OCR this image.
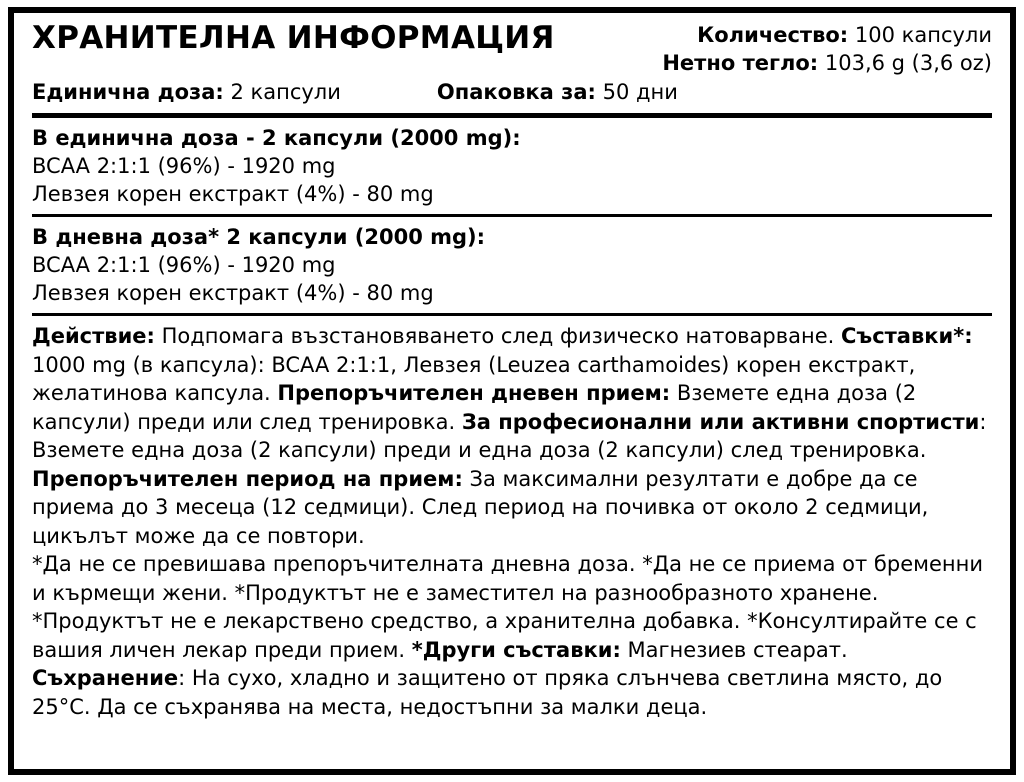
ХРАНИТЕЛНА ИНФОРМАЦИЯ	Количество: 100 капсули
Нетно тегло: 103,6 g (3,6 oz)
Единична доза: 2 капсули	Опаковка за: 50 дни
В единична доза - 2 капсули (2000 mg):
BCAA 2:1:1 (96%) - 1920 mg
Левзея корен екстракт (4%) - 80 mg
В дневна доза* 2 капсули (2000 mg):
BCAA 2:1:1 (96%) - 1920 mg
Левзея корен екстракт (4%) - 80 mg

Действие: Подпомага възстановяването след физическо натоварване. Съставки*: 1000 mg (в капсула): BCAA 2:1:1, Левзея (Leuzea carthamoides) корен екстракт, желатинова капсула. Препоръчителен дневен прием: Вземете една доза (2 капсули) преди или след тренировка. За професионални или активни спортисти: Вземете една доза (2 капсули) преди и една доза (2 капсули) след тренировка. Препоръчителен период на прием: За максимални резултати е добре да се приема до 3 месеца (12 седмици). След период на почивка от около 2 седмици, цикълът може да се повтори.

*Да не се превишава препоръчителната дневна доза. *Да не се приема от бременни и кърмещи жени. *Продуктът не е заместител на разнообразното хранене. *Продуктът не е лекарствено средство, а хранителна добавка. *Консултирайте се с вашия личен лекар преди прием. *Други съставки: Магнезиев стеарат.

Съхранение: На сухо, хладно и защитено от пряка слънчева светлина място, до 25°С. Да се съхранява на места, недостъпни за малки деца.
